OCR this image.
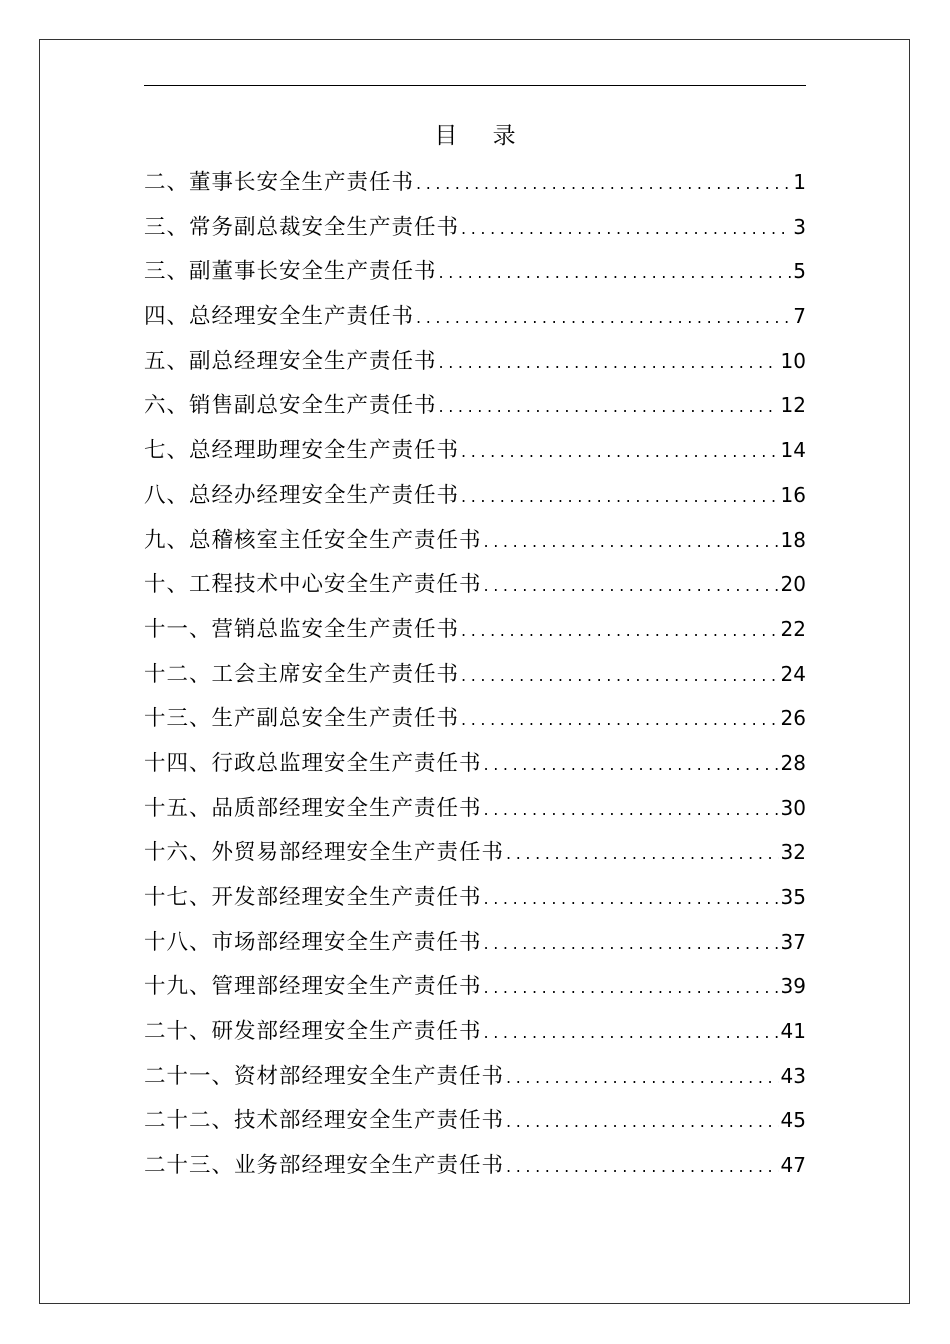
目 录
二、董事长安全生产责任书 .....	1
三、常务副总裁安全生产责任书 .....	3
三、副董事长安全生产责任书 .....	5
四、总经理安全生产责任书 .....	7
五、副总经理安全生产责任书 .....	10
六、销售副总安全生产责任书 .....	12
七、总经理助理安全生产责任书 .....	14
八、总经办经理安全生产责任书 .....	16
九、总稽核室主任安全生产责任书 .....	18
十、工程技术中心安全生产责任书 .....	20
十一、营销总监安全生产责任书 .....	22
十二、工会主席安全生产责任书 .....	24
十三、生产副总安全生产责任书 .....	26
十四、行政总监理安全生产责任书 .....	28
十五、品质部经理安全生产责任书 .....	30
十六、外贸易部经理安全生产责任书 .....	32
十七、开发部经理安全生产责任书 .....	35
十八、市场部经理安全生产责任书 .....	37
十九、管理部经理安全生产责任书 .....	39
二十、研发部经理安全生产责任书 .....	41
二十一、资材部经理安全生产责任书 .....	43
二十二、技术部经理安全生产责任书 .....	45
二十三、业务部经理安全生产责任书 .....	47
